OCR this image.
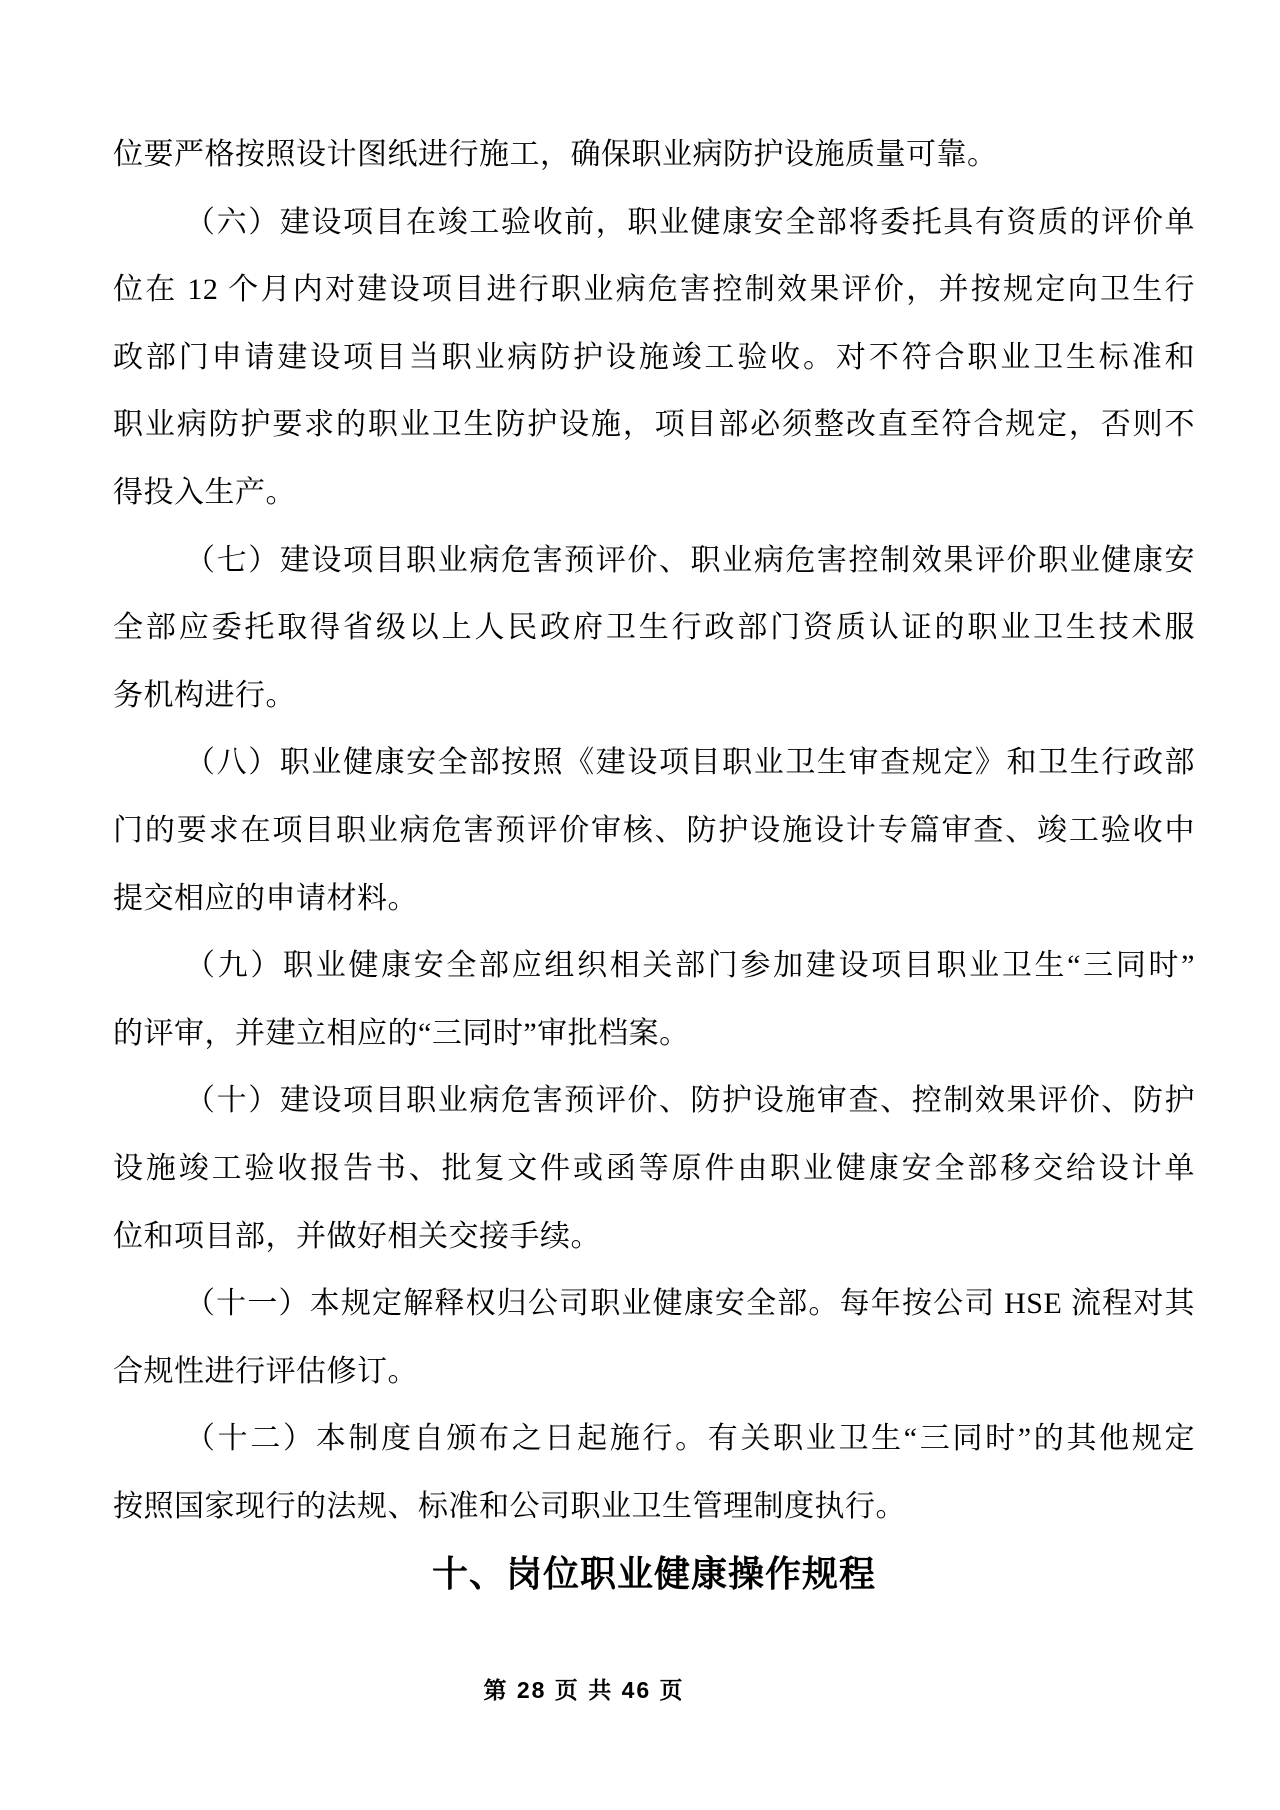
位要严格按照设计图纸进行施工，确保职业病防护设施质量可靠。
（六）建设项目在竣工验收前，职业健康安全部将委托具有资质的评价单
位在 12 个月内对建设项目进行职业病危害控制效果评价，并按规定向卫生行
政部门申请建设项目当职业病防护设施竣工验收。对不符合职业卫生标准和
职业病防护要求的职业卫生防护设施，项目部必须整改直至符合规定，否则不
得投入生产。
（七）建设项目职业病危害预评价、职业病危害控制效果评价职业健康安
全部应委托取得省级以上人民政府卫生行政部门资质认证的职业卫生技术服
务机构进行。
（八）职业健康安全部按照《建设项目职业卫生审查规定》和卫生行政部
门的要求在项目职业病危害预评价审核、防护设施设计专篇审查、竣工验收中
提交相应的申请材料。
（九）职业健康安全部应组织相关部门参加建设项目职业卫生“三同时”
的评审，并建立相应的“三同时”审批档案。
（十）建设项目职业病危害预评价、防护设施审查、控制效果评价、防护
设施竣工验收报告书、批复文件或函等原件由职业健康安全部移交给设计单
位和项目部，并做好相关交接手续。
（十一）本规定解释权归公司职业健康安全部。每年按公司 HSE 流程对其
合规性进行评估修订。
（十二）本制度自颁布之日起施行。有关职业卫生“三同时”的其他规定
按照国家现行的法规、标准和公司职业卫生管理制度执行。
十、岗位职业健康操作规程
第 28 页 共 46 页
